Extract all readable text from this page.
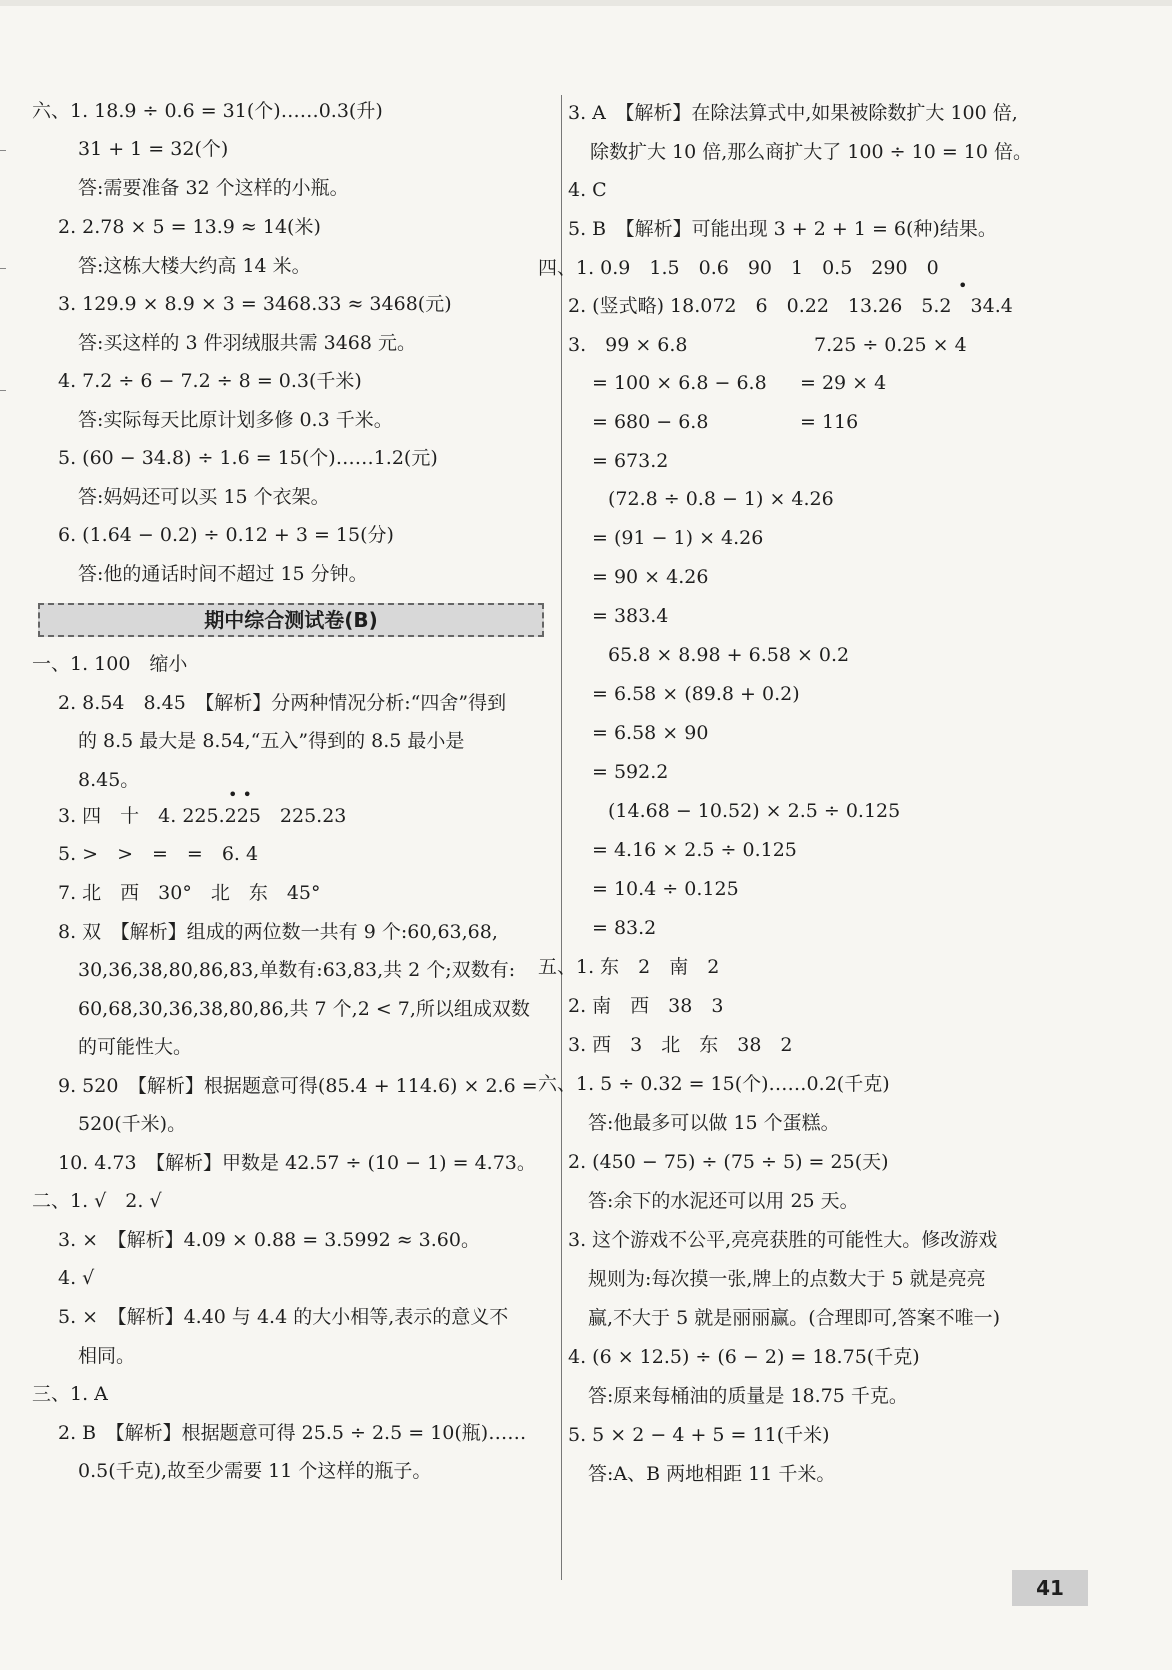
六、1. 18.9 ÷ 0.6 = 31(个)……0.3(升)
31 + 1 = 32(个)
答:需要准备 32 个这样的小瓶。
2. 2.78 × 5 = 13.9 ≈ 14(米)
答:这栋大楼大约高 14 米。
3. 129.9 × 8.9 × 3 = 3468.33 ≈ 3468(元)
答:买这样的 3 件羽绒服共需 3468 元。
4. 7.2 ÷ 6 − 7.2 ÷ 8 = 0.3(千米)
答:实际每天比原计划多修 0.3 千米。
5. (60 − 34.8) ÷ 1.6 = 15(个)……1.2(元)
答:妈妈还可以买 15 个衣架。
6. (1.64 − 0.2) ÷ 0.12 + 3 = 15(分)
答:他的通话时间不超过 15 分钟。
期中综合测试卷(B)
一、1. 100　缩小
2. 8.54　8.45　【解析】分两种情况分析:“四舍”得到
的 8.5 最大是 8.54,“五入”得到的 8.5 最小是
8.45。
3. 四　十　4. 225.225　225.23
• •
5. >　>　=　=　6. 4
7. 北　西　30°　北　东　45°
8. 双　【解析】组成的两位数一共有 9 个:60,63,68,
30,36,38,80,86,83,单数有:63,83,共 2 个;双数有:
60,68,30,36,38,80,86,共 7 个,2 < 7,所以组成双数
的可能性大。
9. 520　【解析】根据题意可得(85.4 + 114.6) × 2.6 =
520(千米)。
10. 4.73　【解析】甲数是 42.57 ÷ (10 − 1) = 4.73。
二、1. √　2. √
3. ×　【解析】4.09 × 0.88 = 3.5992 ≈ 3.60。
4. √
5. ×　【解析】4.40 与 4.4 的大小相等,表示的意义不
相同。
三、1. A
2. B　【解析】根据题意可得 25.5 ÷ 2.5 = 10(瓶)……
0.5(千克),故至少需要 11 个这样的瓶子。
3. A　【解析】在除法算式中,如果被除数扩大 100 倍,
除数扩大 10 倍,那么商扩大了 100 ÷ 10 = 10 倍。
4. C
5. B　【解析】可能出现 3 + 2 + 1 = 6(种)结果。
四、1. 0.9　1.5　0.6　90　1　0.5　290　0
2. (竖式略) 18.072　6　0.22　13.26　5.2　34.4
•
3.　99 × 6.8	7.25 ÷ 0.25 × 4
= 100 × 6.8 − 6.8 = 29 × 4
= 680 − 6.8	= 116
= 673.2
(72.8 ÷ 0.8 − 1) × 4.26
= (91 − 1) × 4.26
= 90 × 4.26
= 383.4
65.8 × 8.98 + 6.58 × 0.2
= 6.58 × (89.8 + 0.2)
= 6.58 × 90
= 592.2
(14.68 − 10.52) × 2.5 ÷ 0.125
= 4.16 × 2.5 ÷ 0.125
= 10.4 ÷ 0.125
= 83.2
五、1. 东　2　南　2
2. 南　西　38　3
3. 西　3　北　东　38　2
六、1. 5 ÷ 0.32 = 15(个)……0.2(千克)
答:他最多可以做 15 个蛋糕。
2. (450 − 75) ÷ (75 ÷ 5) = 25(天)
答:余下的水泥还可以用 25 天。
3. 这个游戏不公平,亮亮获胜的可能性大。修改游戏
规则为:每次摸一张,牌上的点数大于 5 就是亮亮
赢,不大于 5 就是丽丽赢。(合理即可,答案不唯一)
4. (6 × 12.5) ÷ (6 − 2) = 18.75(千克)
答:原来每桶油的质量是 18.75 千克。
5. 5 × 2 − 4 + 5 = 11(千米)
答:A、B 两地相距 11 千米。
41
